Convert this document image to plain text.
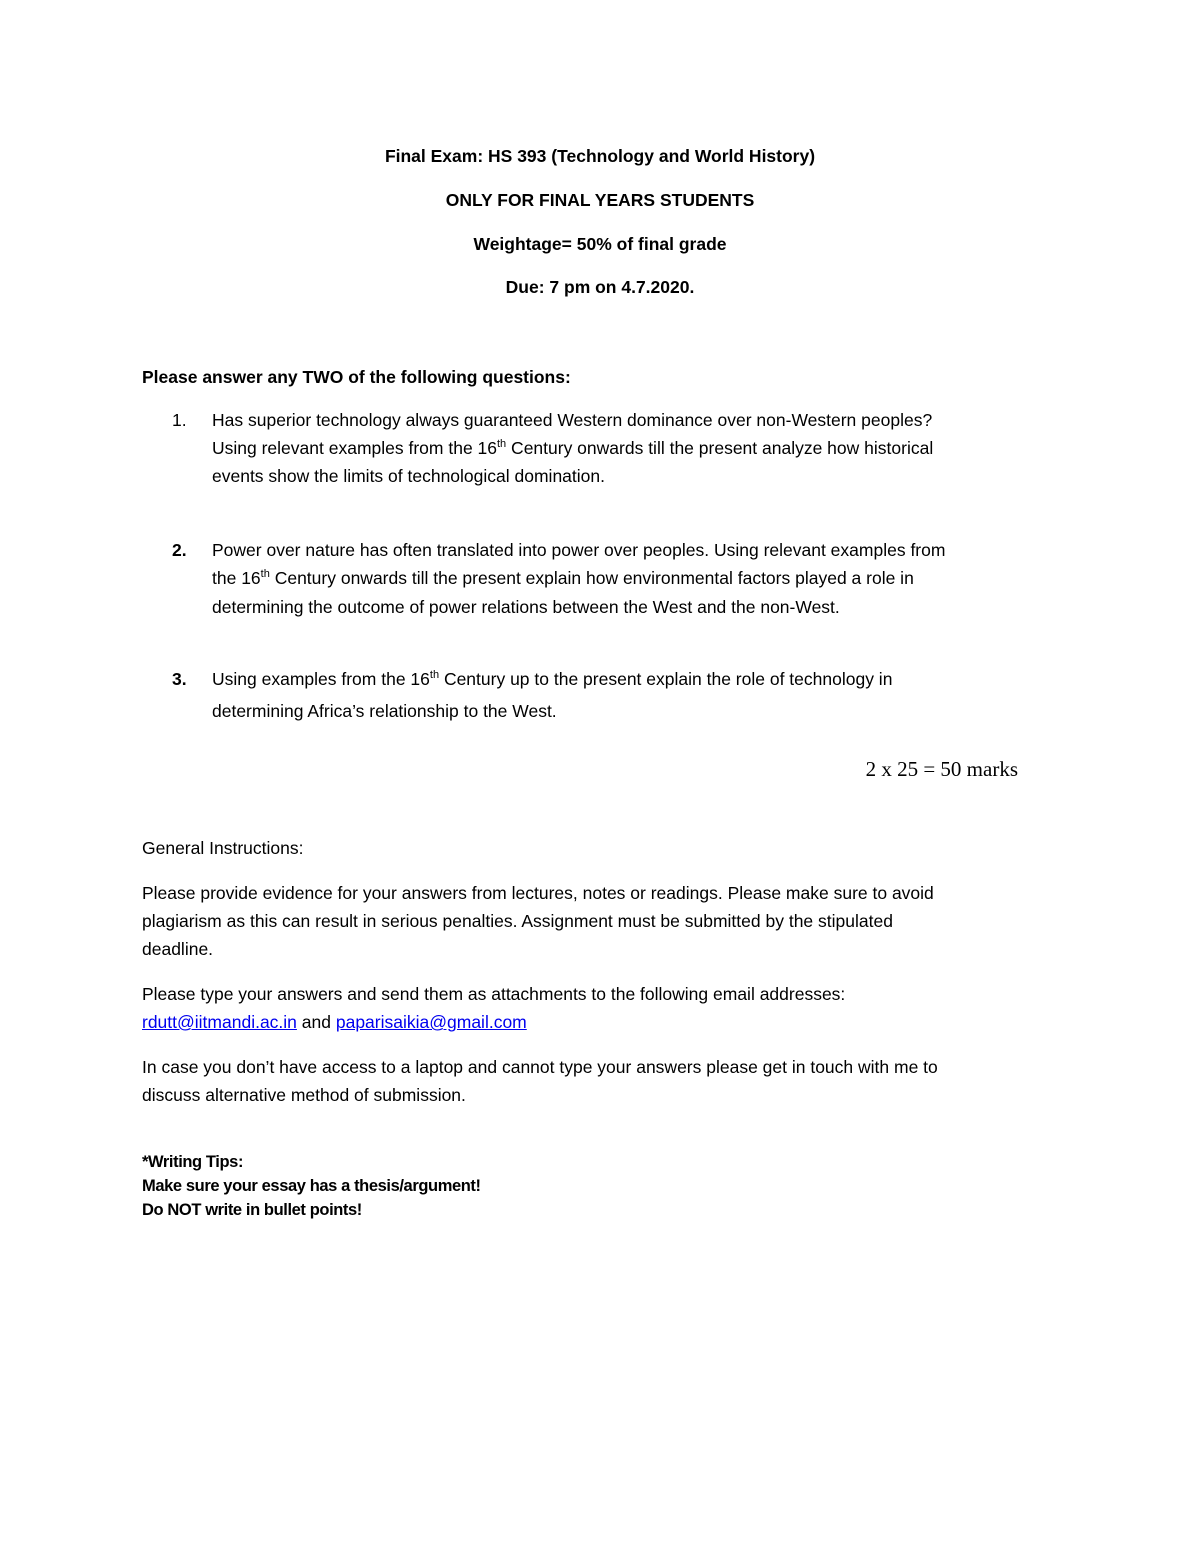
Final Exam: HS 393 (Technology and World History)
ONLY FOR FINAL YEARS STUDENTS
Weightage= 50% of final grade
Due: 7 pm on 4.7.2020.
Please answer any TWO of the following questions:
1. Has superior technology always guaranteed Western dominance over non-Western peoples?
Using relevant examples from the 16th Century onwards till the present analyze how historical
events show the limits of technological domination.
2. Power over nature has often translated into power over peoples. Using relevant examples from
the 16th Century onwards till the present explain how environmental factors played a role in
determining the outcome of power relations between the West and the non-West.
3. Using examples from the 16th Century up to the present explain the role of technology in
determining Africa’s relationship to the West.
2 x 25 = 50 marks
General Instructions:
Please provide evidence for your answers from lectures, notes or readings. Please make sure to avoid
plagiarism as this can result in serious penalties. Assignment must be submitted by the stipulated
deadline.
Please type your answers and send them as attachments to the following email addresses:
rdutt@iitmandi.ac.in and paparisaikia@gmail.com
In case you don’t have access to a laptop and cannot type your answers please get in touch with me to
discuss alternative method of submission.
*Writing Tips:
Make sure your essay has a thesis/argument!
Do NOT write in bullet points!
